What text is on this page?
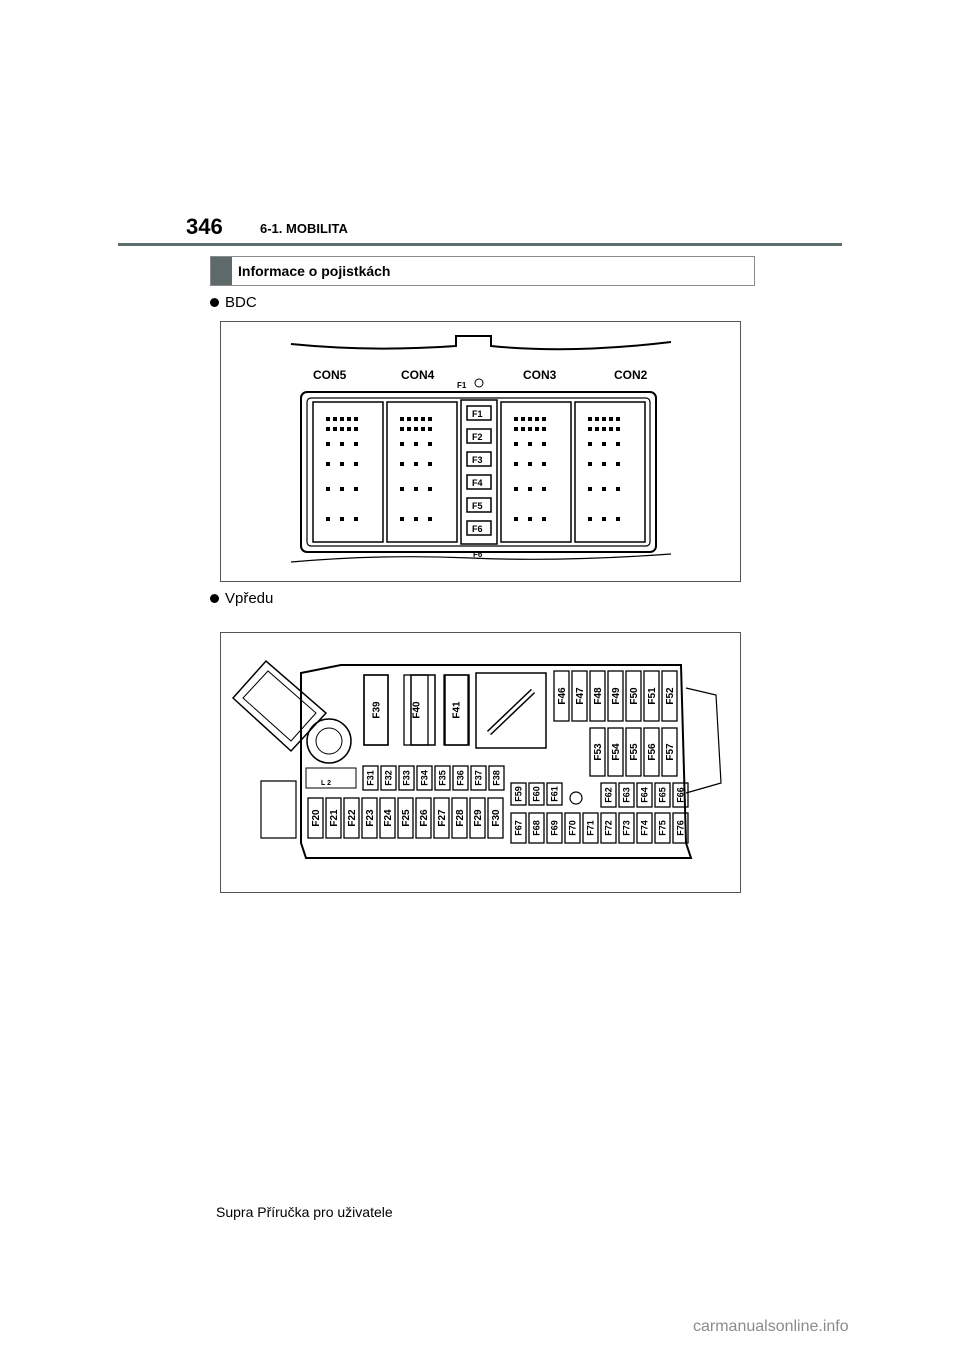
346	6-1. MOBILITA
Informace o pojistkách
BDC
CON5	CON4	CON3	CON2
F1
F1
F2
F3
F4
F5
F6
F6
Vpředu
L 2
F39	F40	F41
F46 F47 F48 F49 F50 F51 F52
F53 F54 F55 F56 F57
F31 F32 F33 F34 F35 F36 F37 F38
F20 F21 F22 F23 F24 F25 F26 F27 F28 F29 F30
F59 F60 F61
F67 F68 F69 F70 F71
F62 F63 F64 F65 F66
F72 F73 F74 F75 F76
Supra Příručka pro uživatele
carmanualsonline.info
